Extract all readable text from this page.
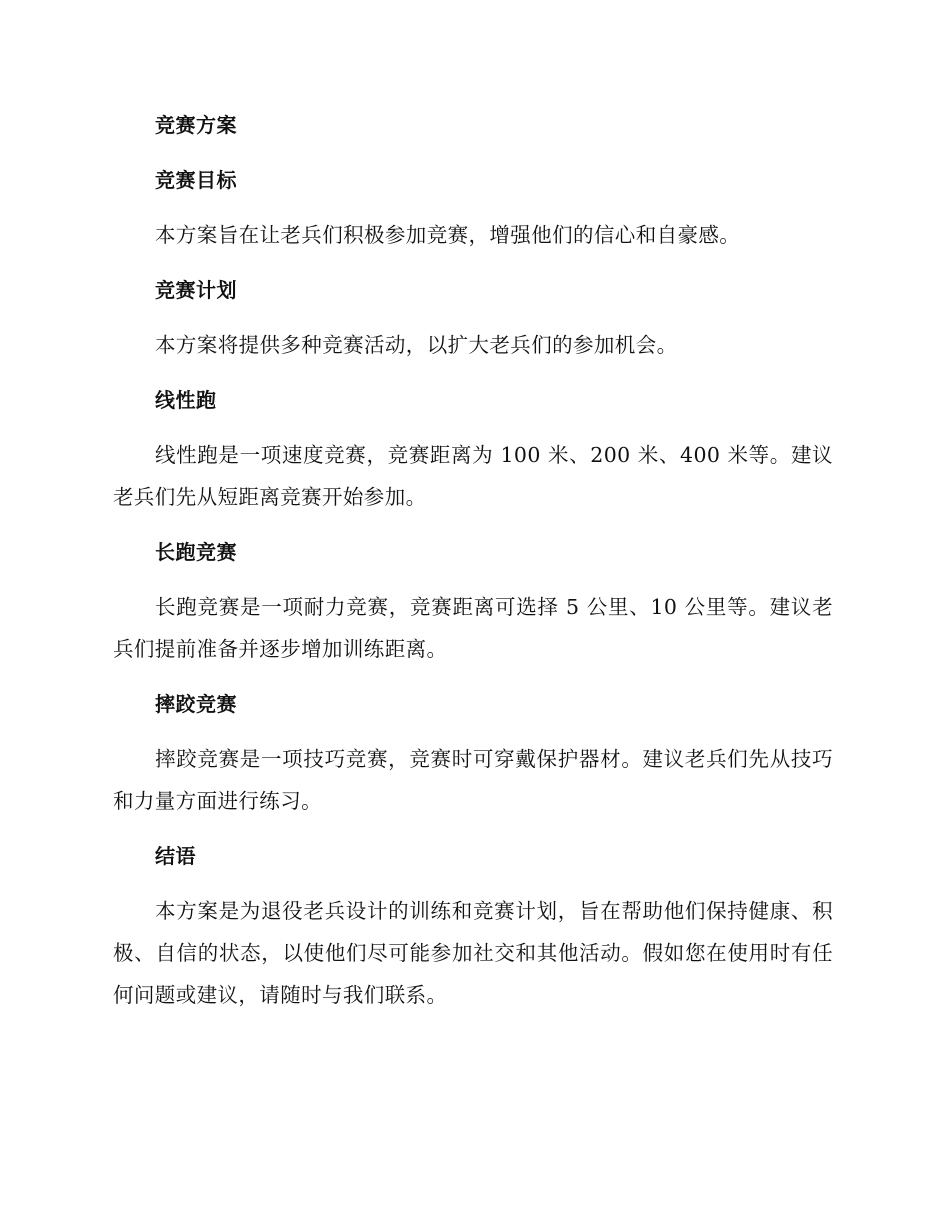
竞赛方案
竞赛目标
本方案旨在让老兵们积极参加竞赛，增强他们的信心和自豪感。
竞赛计划
本方案将提供多种竞赛活动，以扩大老兵们的参加机会。
线性跑
线性跑是一项速度竞赛，竞赛距离为 100 米、200 米、400 米等。建议老兵们先从短距离竞赛开始参加。
长跑竞赛
长跑竞赛是一项耐力竞赛，竞赛距离可选择 5 公里、10 公里等。建议老兵们提前准备并逐步增加训练距离。
摔跤竞赛
摔跤竞赛是一项技巧竞赛，竞赛时可穿戴保护器材。建议老兵们先从技巧和力量方面进行练习。
结语
本方案是为退役老兵设计的训练和竞赛计划，旨在帮助他们保持健康、积极、自信的状态，以使他们尽可能参加社交和其他活动。假如您在使用时有任何问题或建议，请随时与我们联系。
